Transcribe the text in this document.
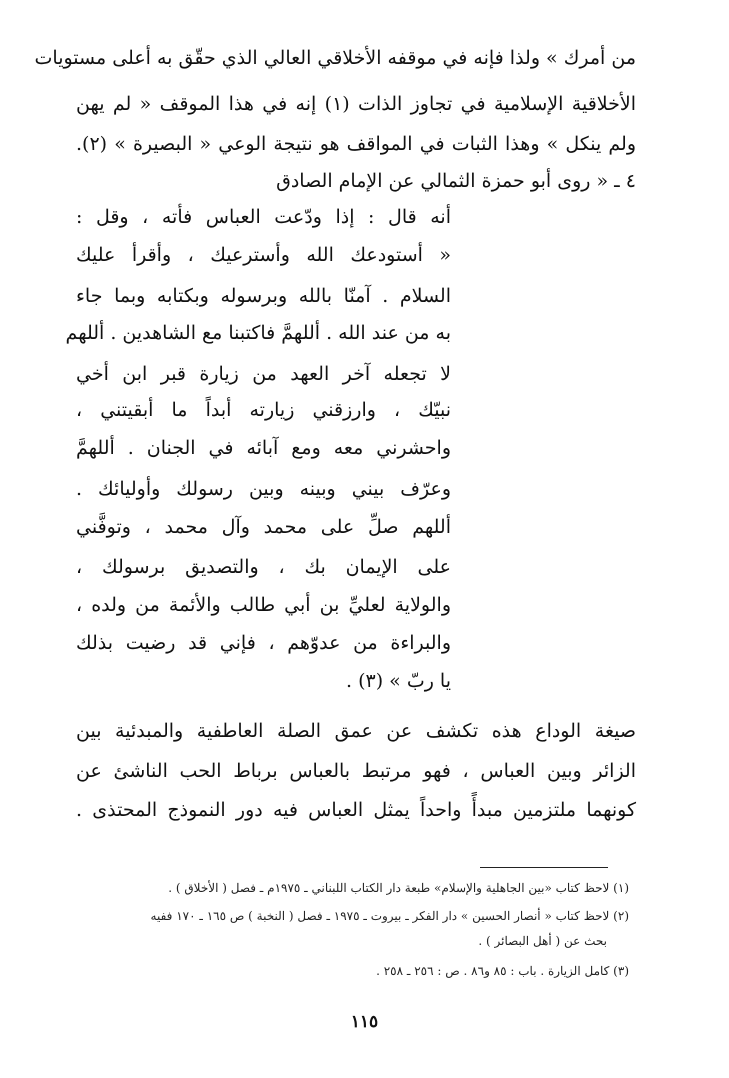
من أمرك » ولذا فإنه في موقفه الأخلاقي العالي الذي حقّق به أعلى مستويات
الأخلاقية الإسلامية في تجاوز الذات (١) إنه في هذا الموقف « لم يهن
ولم ينكل » وهذا الثبات في المواقف هو نتيجة الوعي « البصيرة » (٢).
٤ ـ « روى أبو حمزة الثمالي عن الإمام الصادق
أنه قال : إذا ودّعت العباس فأته ، وقل :
« أستودعك الله وأسترعيك ، وأقرأ عليك
السلام . آمنّا بالله وبرسوله وبكتابه وبما جاء
به من عند الله . أللهمَّ فاكتبنا مع الشاهدين . أللهم
لا تجعله آخر العهد من زيارة قبر ابن أخي
نبيّك ، وارزقني زيارته أبداً ما أبقيتني ،
واحشرني معه ومع آبائه في الجنان . أللهمَّ
وعرّف بيني وبينه وبين رسولك وأوليائك .
أللهم صلِّ على محمد وآل محمد ، وتوفَّني
على الإيمان بك ، والتصديق برسولك ،
والولاية لعليِّ بن أبي طالب والأئمة من ولده ،
والبراءة من عدوّهم ، فإني قد رضيت بذلك
يا ربّ » (٣) .
صيغة الوداع هذه تكشف عن عمق الصلة العاطفية والمبدئية بين
الزائر وبين العباس ، فهو مرتبط بالعباس برباط الحب الناشئ عن
كونهما ملتزمين مبدأً واحداً يمثل العباس فيه دور النموذج المحتذى .
(١) لاحظ كتاب «بين الجاهلية والإسلام» طبعة دار الكتاب اللبناني ـ ١٩٧٥م ـ فصل ( الأخلاق ) .
(٢) لاحظ كتاب « أنصار الحسين » دار الفكر ـ بيروت ـ ١٩٧٥ ـ فصل ( النخبة ) ص ١٦٥ ـ ١٧٠ ففيه
بحث عن ( أهل البصائر ) .
(٣) كامل الزيارة . باب : ٨٥ و٨٦ . ص : ٢٥٦ ـ ٢٥٨ .
١١٥
